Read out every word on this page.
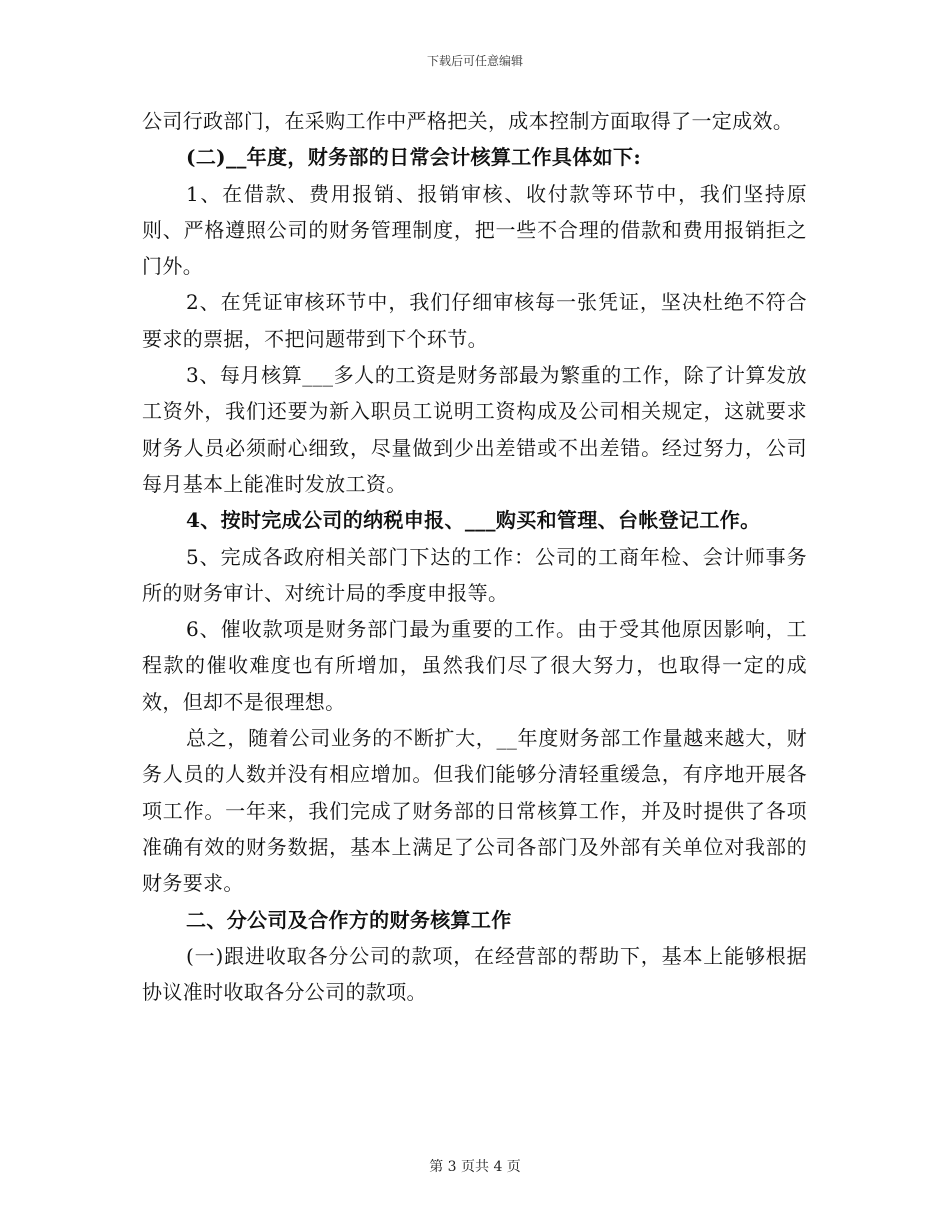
下载后可任意编辑

公司行政部门，在采购工作中严格把关，成本控制方面取得了一定成效。

(二)__年度，财务部的日常会计核算工作具体如下:

1、在借款、费用报销、报销审核、收付款等环节中，我们坚持原则、严格遵照公司的财务管理制度，把一些不合理的借款和费用报销拒之门外。

2、在凭证审核环节中，我们仔细审核每一张凭证，坚决杜绝不符合要求的票据，不把问题带到下个环节。

3、每月核算___多人的工资是财务部最为繁重的工作，除了计算发放工资外，我们还要为新入职员工说明工资构成及公司相关规定，这就要求财务人员必须耐心细致，尽量做到少出差错或不出差错。经过努力，公司每月基本上能准时发放工资。

4、按时完成公司的纳税申报、___购买和管理、台帐登记工作。

5、完成各政府相关部门下达的工作：公司的工商年检、会计师事务所的财务审计、对统计局的季度申报等。

6、催收款项是财务部门最为重要的工作。由于受其他原因影响，工程款的催收难度也有所增加，虽然我们尽了很大努力，也取得一定的成效，但却不是很理想。

总之，随着公司业务的不断扩大，__年度财务部工作量越来越大，财务人员的人数并没有相应增加。但我们能够分清轻重缓急，有序地开展各项工作。一年来，我们完成了财务部的日常核算工作，并及时提供了各项准确有效的财务数据，基本上满足了公司各部门及外部有关单位对我部的财务要求。

二、分公司及合作方的财务核算工作

(一)跟进收取各分公司的款项，在经营部的帮助下，基本上能够根据协议准时收取各分公司的款项。

第 3 页共 4 页
